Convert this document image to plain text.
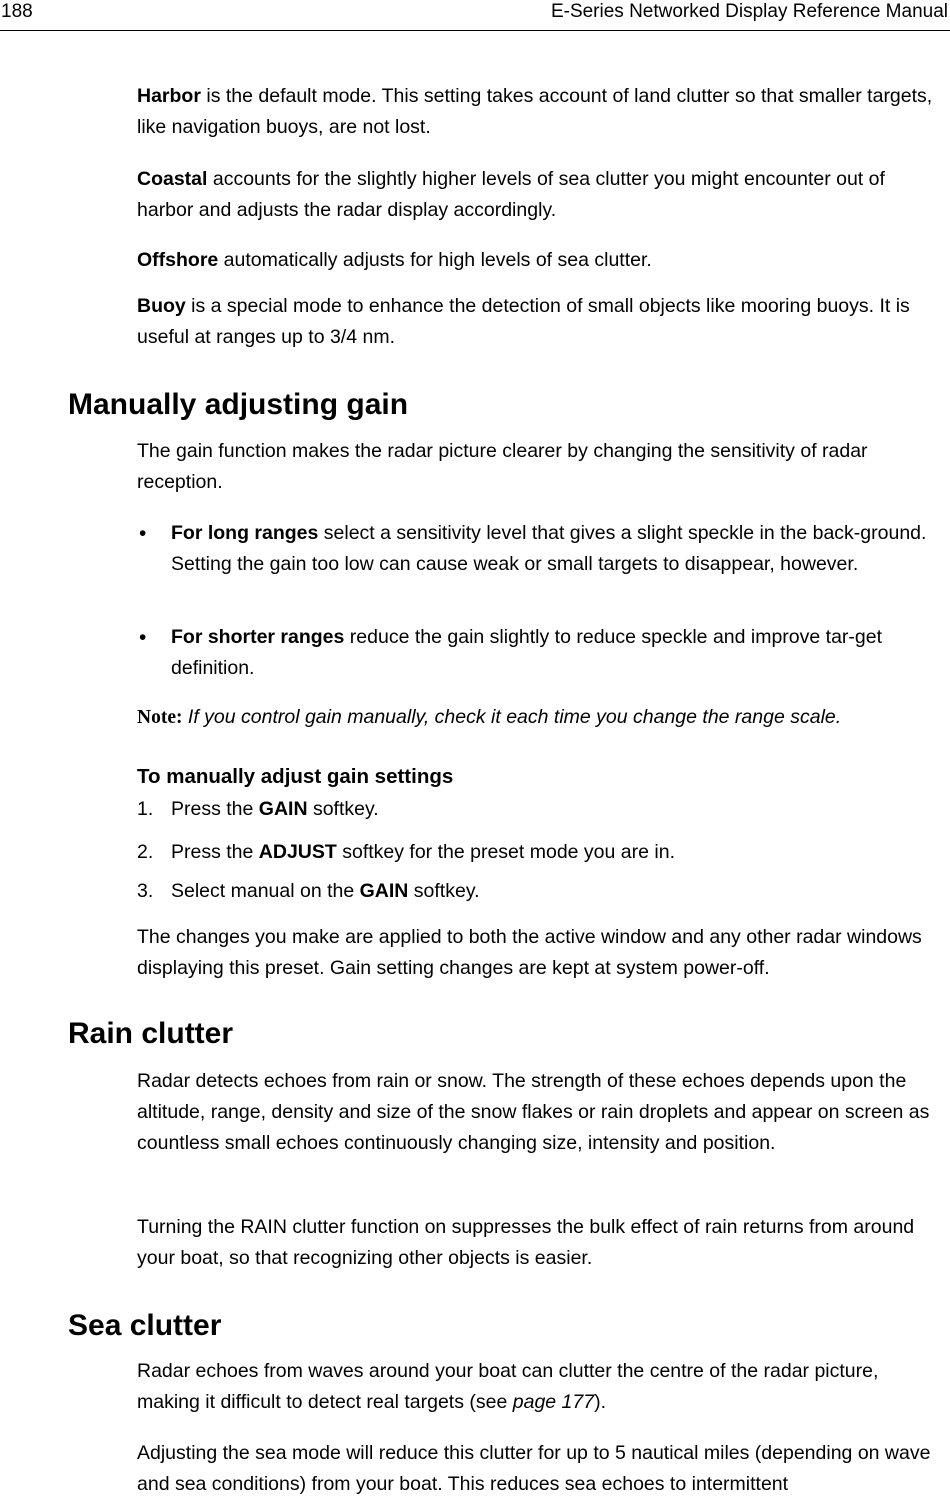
188	E-Series Networked Display Reference Manual

Harbor is the default mode. This setting takes account of land clutter so that smaller targets, like navigation buoys, are not lost.

Coastal accounts for the slightly higher levels of sea clutter you might encounter out of harbor and adjusts the radar display accordingly.

Offshore automatically adjusts for high levels of sea clutter.

Buoy is a special mode to enhance the detection of small objects like mooring buoys. It is useful at ranges up to 3/4 nm.

Manually adjusting gain

The gain function makes the radar picture clearer by changing the sensitivity of radar reception.

• For long ranges select a sensitivity level that gives a slight speckle in the back-ground. Setting the gain too low can cause weak or small targets to disappear, however.
• For shorter ranges reduce the gain slightly to reduce speckle and improve tar-get definition.
Note: If you control gain manually, check it each time you change the range scale.
To manually adjust gain settings
1. Press the GAIN softkey.
2. Press the ADJUST softkey for the preset mode you are in.
3. Select manual on the GAIN softkey.

The changes you make are applied to both the active window and any other radar windows displaying this preset. Gain setting changes are kept at system power-off.

Rain clutter

Radar detects echoes from rain or snow. The strength of these echoes depends upon the altitude, range, density and size of the snow flakes or rain droplets and appear on screen as countless small echoes continuously changing size, intensity and position.

Turning the RAIN clutter function on suppresses the bulk effect of rain returns from around your boat, so that recognizing other objects is easier.

Sea clutter

Radar echoes from waves around your boat can clutter the centre of the radar picture, making it difficult to detect real targets (see page 177).

Adjusting the sea mode will reduce this clutter for up to 5 nautical miles (depending on wave and sea conditions) from your boat. This reduces sea echoes to intermittent
